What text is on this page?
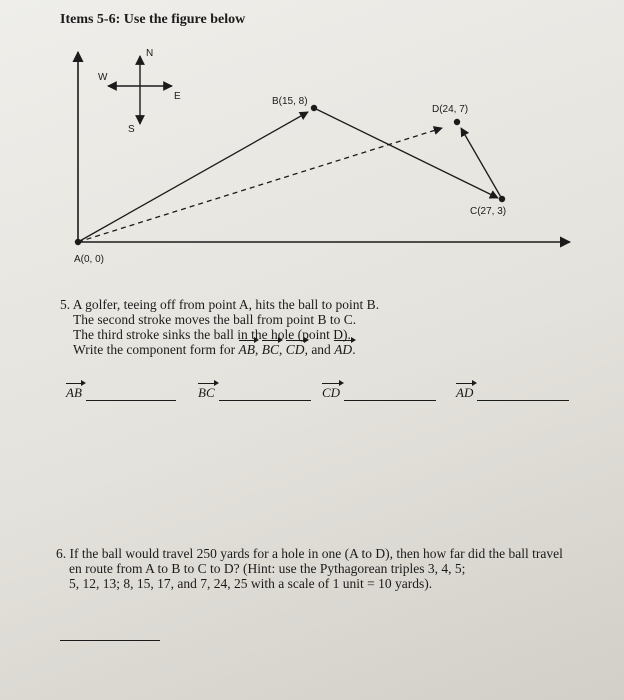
Items 5-6: Use the figure below
N
S
E
W
A(0, 0)
B(15, 8)
C(27, 3)
D(24, 7)
5. A golfer, teeing off from point A, hits the ball to point B.
The second stroke moves the ball from point B to C.
The third stroke sinks the ball in the hole (point D).
Write the component form for AB, BC, CD, and AD.
AB	BC	CD	AD
6. If the ball would travel 250 yards for a hole in one (A to D), then how far did the ball travel
en route from A to B to C to D? (Hint: use the Pythagorean triples 3, 4, 5;
5, 12, 13; 8, 15, 17, and 7, 24, 25 with a scale of 1 unit = 10 yards).
